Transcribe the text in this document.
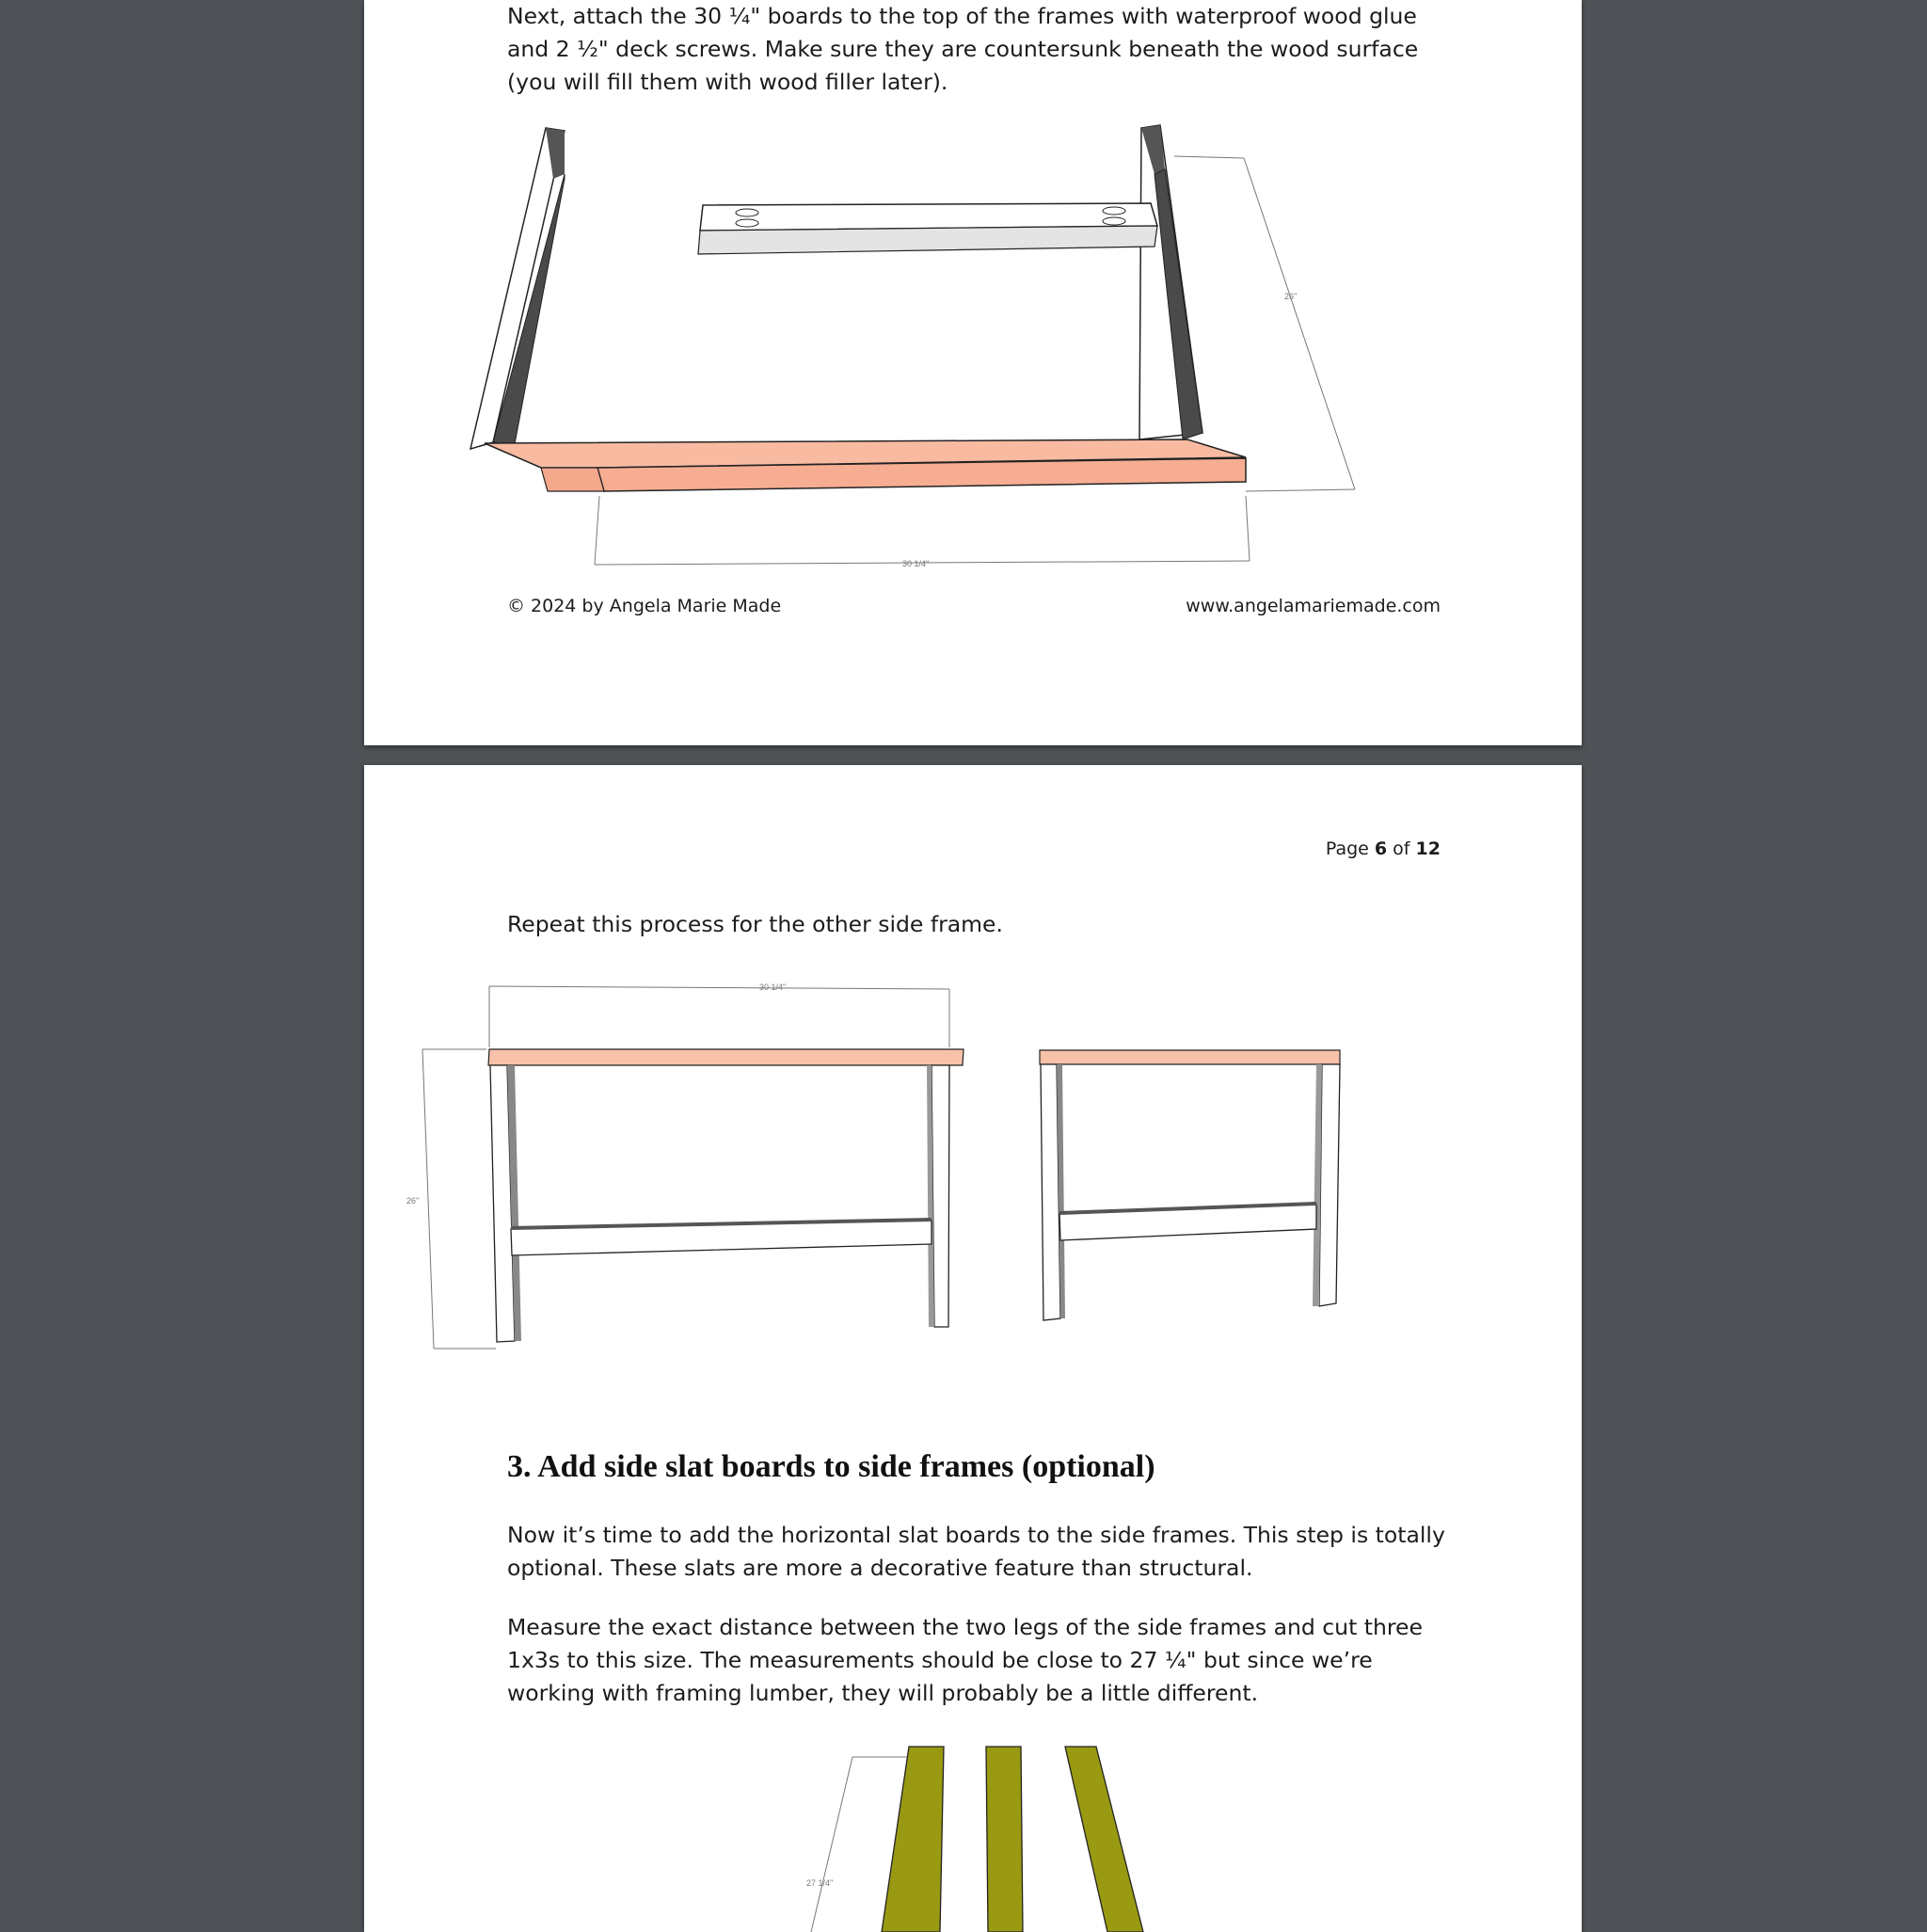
Next, attach the 30 ¼" boards to the top of the frames with waterproof wood glue
and 2 ½" deck screws. Make sure they are countersunk beneath the wood surface
(you will fill them with wood filler later).

26"
30 1/4"
© 2024 by Angela Marie Made	www.angelamariemade.com
Page 6 of 12

Repeat this process for the other side frame.

30 1/4"
26"
3. Add side slat boards to side frames (optional)

Now it’s time to add the horizontal slat boards to the side frames. This step is totally
optional. These slats are more a decorative feature than structural.

Measure the exact distance between the two legs of the side frames and cut three
1x3s to this size. The measurements should be close to 27 ¼" but since we’re
working with framing lumber, they will probably be a little different.

27 1/4"
